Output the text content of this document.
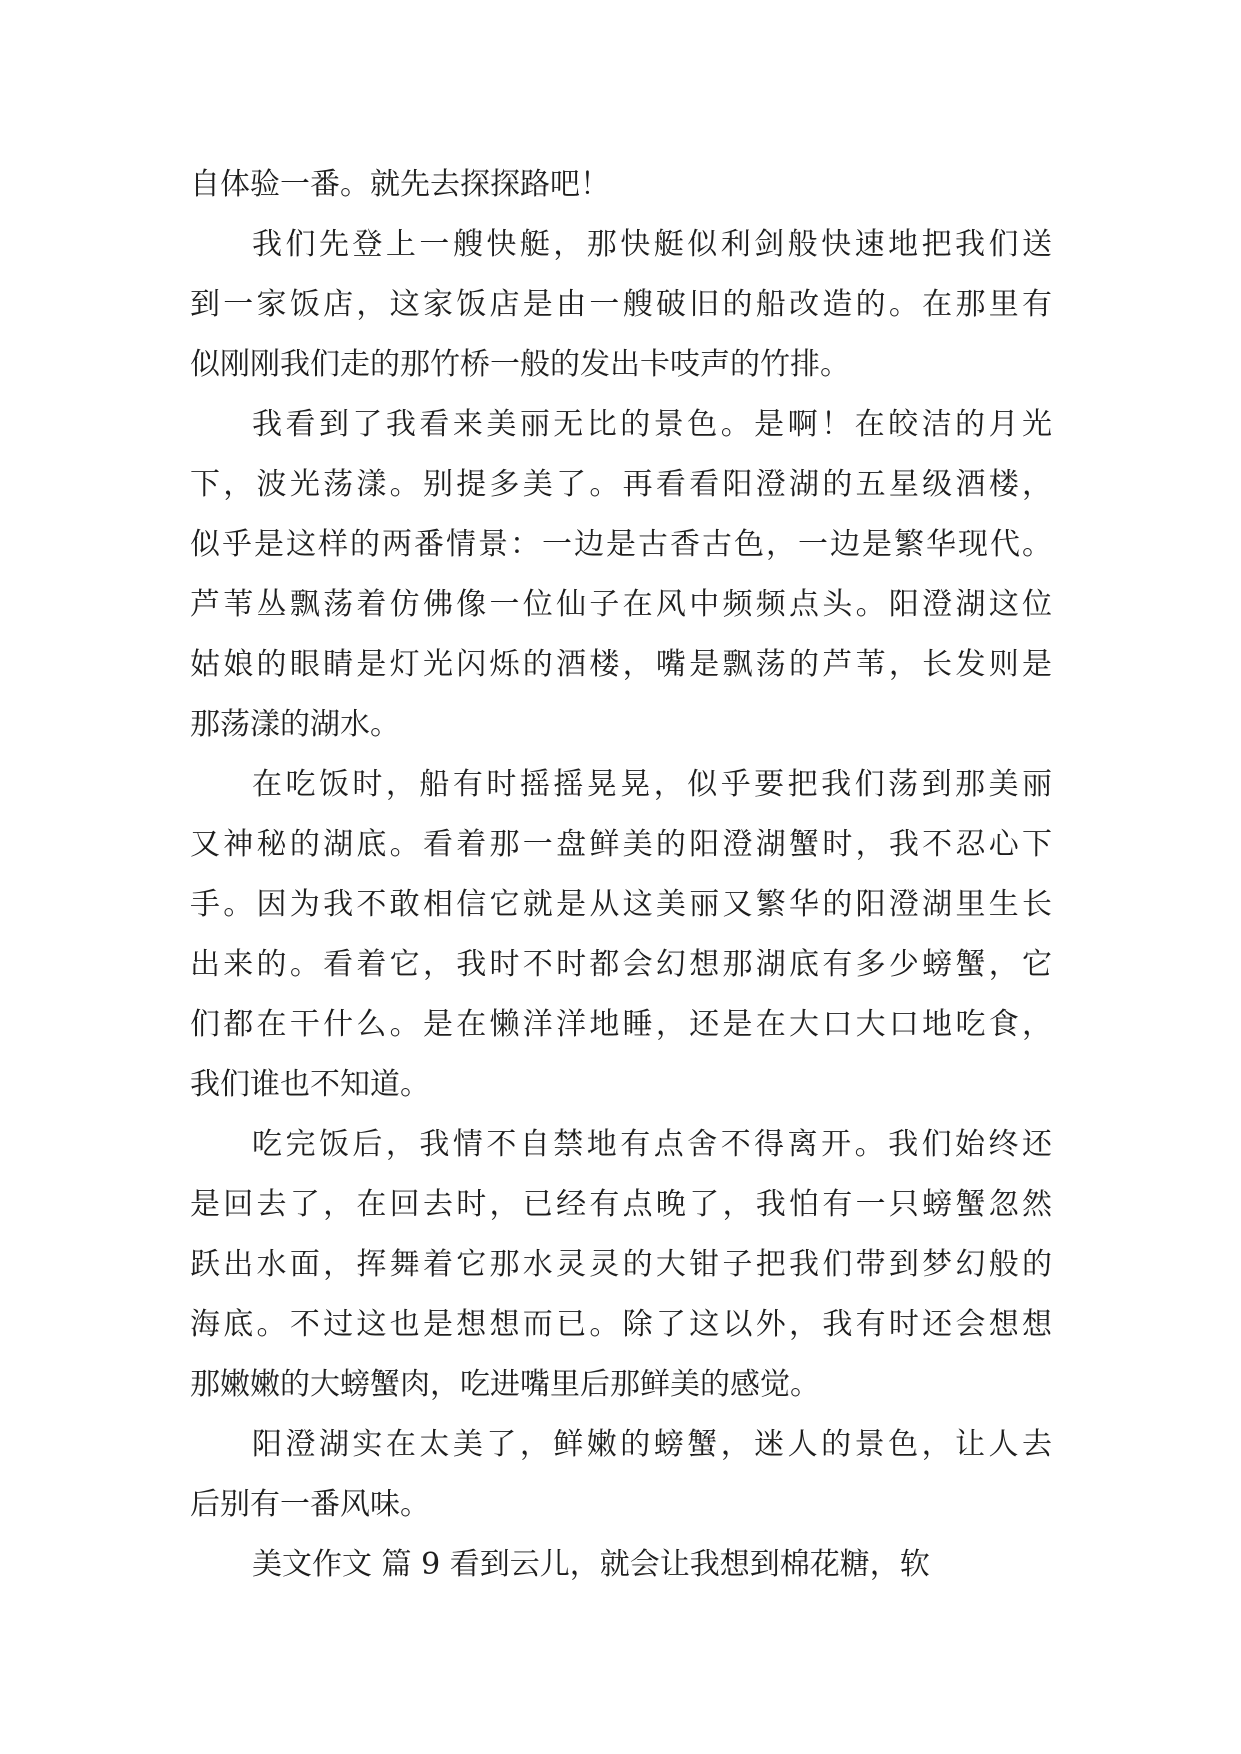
自体验一番。就先去探探路吧！
我们先登上一艘快艇，那快艇似利剑般快速地把我们送
到一家饭店，这家饭店是由一艘破旧的船改造的。在那里有
似刚刚我们走的那竹桥一般的发出卡吱声的竹排。
我看到了我看来美丽无比的景色。是啊！在皎洁的月光
下，波光荡漾。别提多美了。再看看阳澄湖的五星级酒楼，
似乎是这样的两番情景：一边是古香古色，一边是繁华现代。
芦苇丛飘荡着仿佛像一位仙子在风中频频点头。阳澄湖这位
姑娘的眼睛是灯光闪烁的酒楼，嘴是飘荡的芦苇，长发则是
那荡漾的湖水。
在吃饭时，船有时摇摇晃晃，似乎要把我们荡到那美丽
又神秘的湖底。看着那一盘鲜美的阳澄湖蟹时，我不忍心下
手。因为我不敢相信它就是从这美丽又繁华的阳澄湖里生长
出来的。看着它，我时不时都会幻想那湖底有多少螃蟹，它
们都在干什么。是在懒洋洋地睡，还是在大口大口地吃食，
我们谁也不知道。
吃完饭后，我情不自禁地有点舍不得离开。我们始终还
是回去了，在回去时，已经有点晚了，我怕有一只螃蟹忽然
跃出水面，挥舞着它那水灵灵的大钳子把我们带到梦幻般的
海底。不过这也是想想而已。除了这以外，我有时还会想想
那嫩嫩的大螃蟹肉，吃进嘴里后那鲜美的感觉。
阳澄湖实在太美了，鲜嫩的螃蟹，迷人的景色，让人去
后别有一番风味。
美文作文 篇 9 看到云儿，就会让我想到棉花糖，软
